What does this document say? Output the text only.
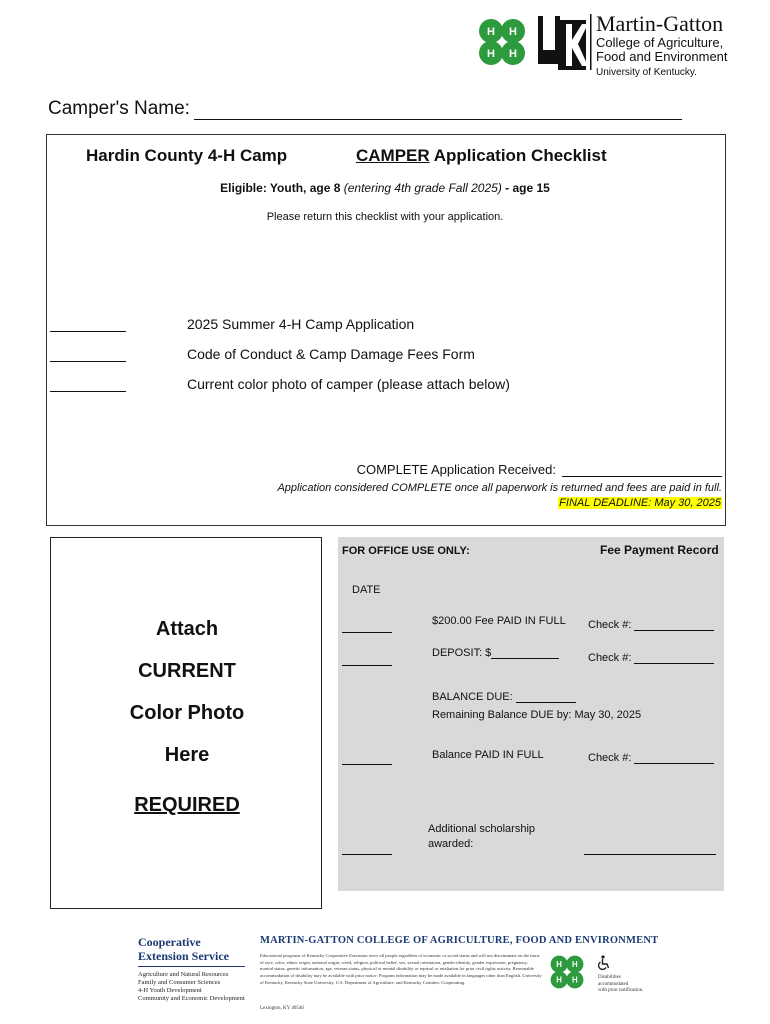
H H
H H
Martin-Gatton
College of Agriculture,
Food and Environment
University of Kentucky.
Camper's Name:
Hardin County 4-H Camp	CAMPER Application Checklist
Eligible: Youth, age 8 (entering 4th grade Fall 2025) - age 15
Please return this checklist with your application.
2025 Summer 4-H Camp Application
Code of Conduct & Camp Damage Fees Form
Current color photo of camper (please attach below)
COMPLETE Application Received:
Application considered COMPLETE once all paperwork is returned and fees are paid in full.
FINAL DEADLINE: May 30, 2025
Attach
CURRENT
Color Photo
Here
REQUIRED
FOR OFFICE USE ONLY:	Fee Payment Record
DATE
$200.00 Fee PAID IN FULL Check #:
DEPOSIT: $	Check #:
BALANCE DUE:
Remaining Balance DUE by: May 30, 2025
Balance PAID IN FULL	Check #:
Additional scholarship
awarded:
Cooperative
Extension Service
Agriculture and Natural Resources
Family and Consumer Sciences
4-H Youth Development
Community and Economic Development
MARTIN-GATTON COLLEGE OF AGRICULTURE, FOOD AND ENVIRONMENT
Educational programs of Kentucky Cooperative Extension serve all people regardless of economic or social status and will not discriminate on the basis of race, color, ethnic origin, national origin, creed, religion, political belief, sex, sexual orientation, gender identity, gender expression, pregnancy, marital status, genetic information, age, veteran status, physical or mental disability or reprisal or retaliation for prior civil rights activity. Reasonable accommodation of disability may be available with prior notice. Program information may be made available in languages other than English. University of Kentucky, Kentucky State University, U.S. Department of Agriculture, and Kentucky Counties, Cooperating.
Lexington, KY 40546
H H
H H	Disabilities
accommodated
with prior notification.
